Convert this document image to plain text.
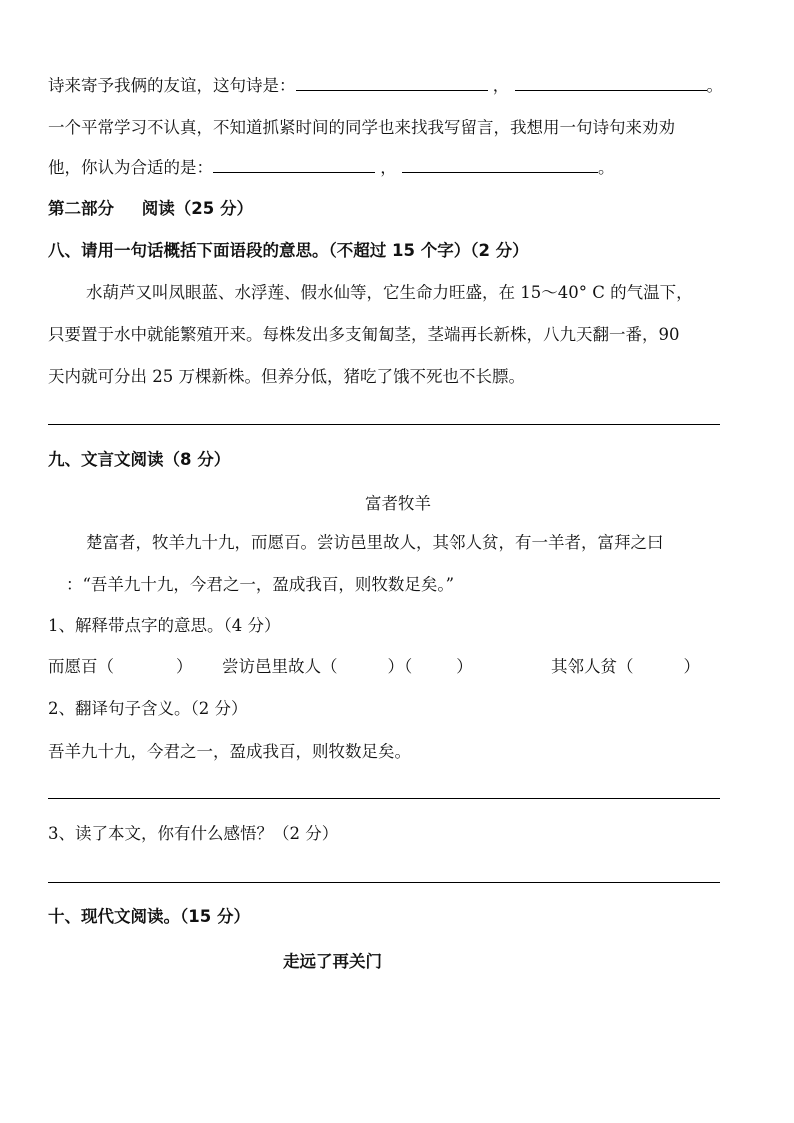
诗来寄予我俩的友谊，这句诗是：	，	。
一个平常学习不认真，不知道抓紧时间的同学也来找我写留言，我想用一句诗句来劝劝
他，你认为合适的是：	，	。
第二部分 阅读（25 分）
八、请用一句话概括下面语段的意思。（不超过 15 个字）（2 分）
水葫芦又叫凤眼蓝、水浮莲、假水仙等，它生命力旺盛，在 15～40° C 的气温下，
只要置于水中就能繁殖开来。每株发出多支匍匐茎，茎端再长新株，八九天翻一番，90
天内就可分出 25 万棵新株。但养分低，猪吃了饿不死也不长膘。
九、文言文阅读（8 分）
富者牧羊
楚富者，牧羊九十九，而愿百。尝访邑里故人，其邻人贫，有一羊者，富拜之曰
：“吾羊九十九，今君之一，盈成我百，则牧数足矣。”
1、解释带点字的意思。（4 分）
而愿百（	） 尝访邑里故人（	）（	）	其邻人贫（	）
2、翻译句子含义。（2 分）
吾羊九十九，今君之一，盈成我百，则牧数足矣。
3、读了本文，你有什么感悟？（2 分）
十、现代文阅读。（15 分）
走远了再关门
